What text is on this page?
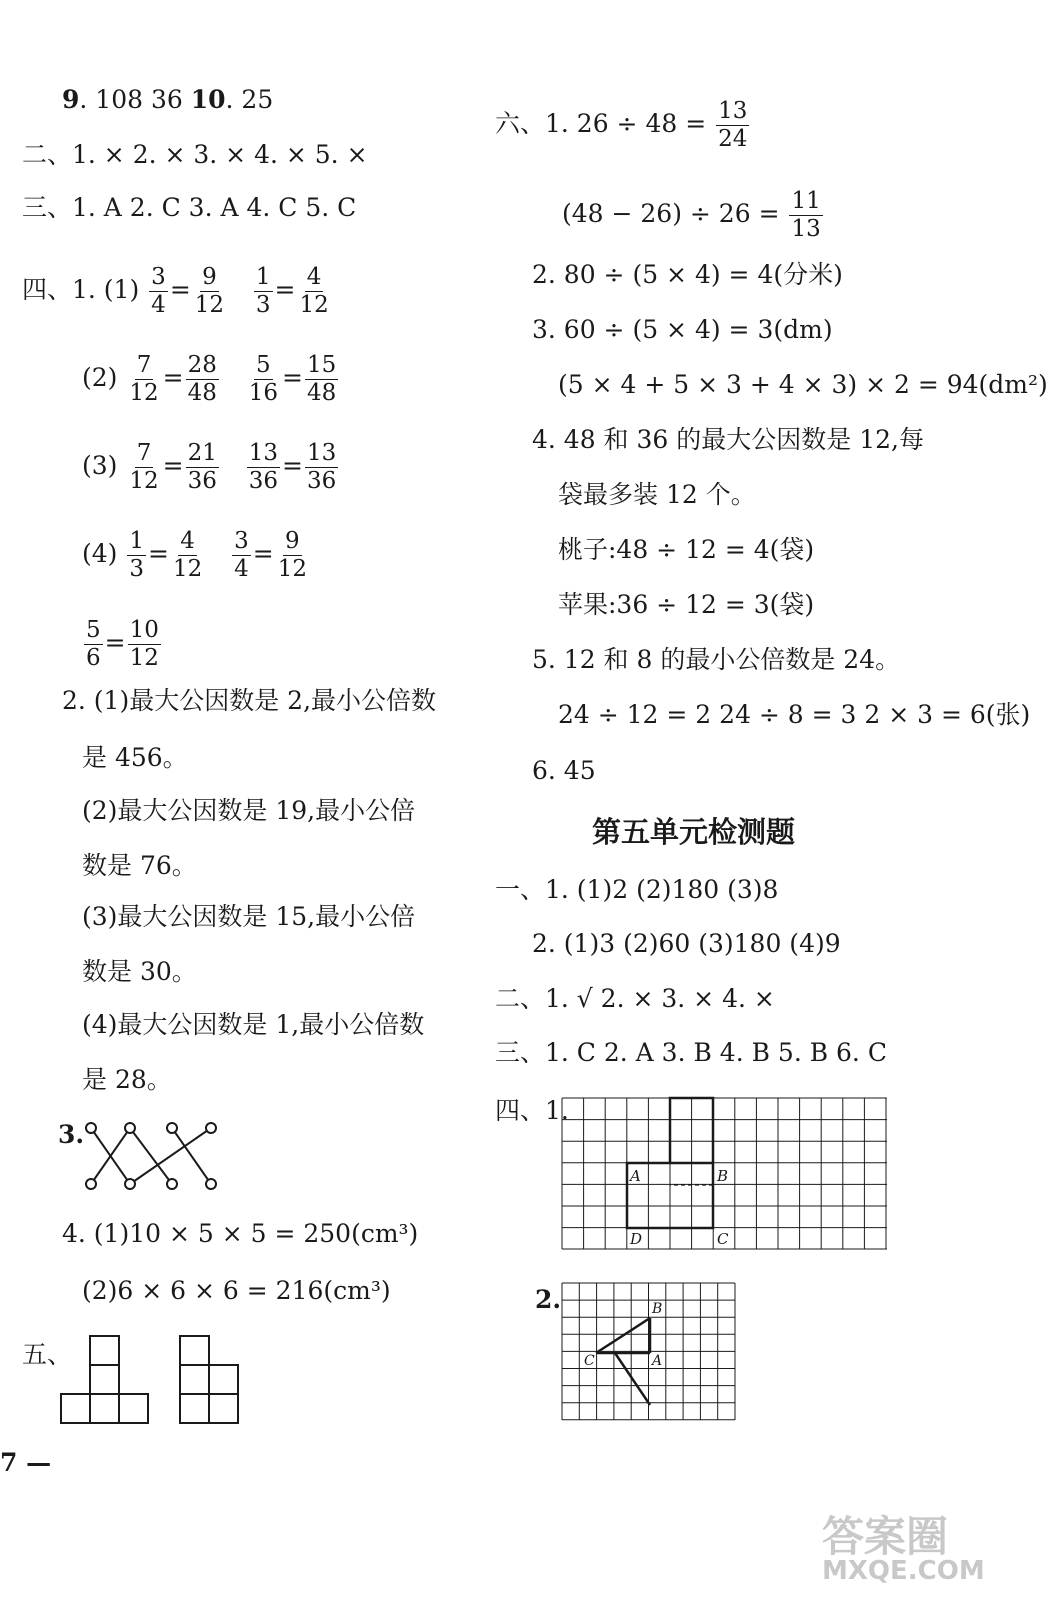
9. 108 36 10. 25
二、1. × 2. × 3. × 4. × 5. ×
三、1. A 2. C 3. A 4. C 5. C
四、1. $(1) \frac{3}{4} = \frac{9}{12}$
$\frac{1}{3} = \frac{4}{12}$
$(2) \frac{7}{12} = \frac{28}{48}$
$\frac{5}{16} = \frac{15}{48}$
$(3) \frac{7}{12} = \frac{21}{36}$
$\frac{13}{36} = \frac{13}{36}$
$(4) \frac{1}{3} = \frac{4}{12}$
$\frac{3}{4} = \frac{9}{12}$
$\frac{5}{6} = \frac{10}{12}$
2. (1)最大公因数是 2,最小公倍数
是 456。
(2)最大公因数是 19,最小公倍
数是 76。
(3)最大公因数是 15,最小公倍
数是 30。
(4)最大公因数是 1,最小公倍数
是 28。
3.
4. (1)10 × 5 × 5 = 250(cm³)
(2)6 × 6 × 6 = 216(cm³)
五、
7 —
六、1. $26 \div 48 = \frac{13}{24}$
$(48 - 26) \div 26 = \frac{11}{13}$
2. 80 ÷ (5 × 4) = 4(分米)
3. 60 ÷ (5 × 4) = 3(dm)
(5 × 4 + 5 × 3 + 4 × 3) × 2 = 94(dm²)
4. 48 和 36 的最大公因数是 12,每
袋最多装 12 个。
桃子:48 ÷ 12 = 4(袋)
苹果:36 ÷ 12 = 3(袋)
5. 12 和 8 的最小公倍数是 24。
24 ÷ 12 = 2 24 ÷ 8 = 3 2 × 3 = 6(张)
6. 45
第五单元检测题
一、1. (1)2 (2)180 (3)8
2. (1)3 (2)60 (3)180 (4)9
二、1. √ 2. × 3. × 4. ×
三、1. C 2. A 3. B 4. B 5. B 6. C
四、1.
A	B
D	C
2.	B
C	A
答案圈
MXQE.COM
